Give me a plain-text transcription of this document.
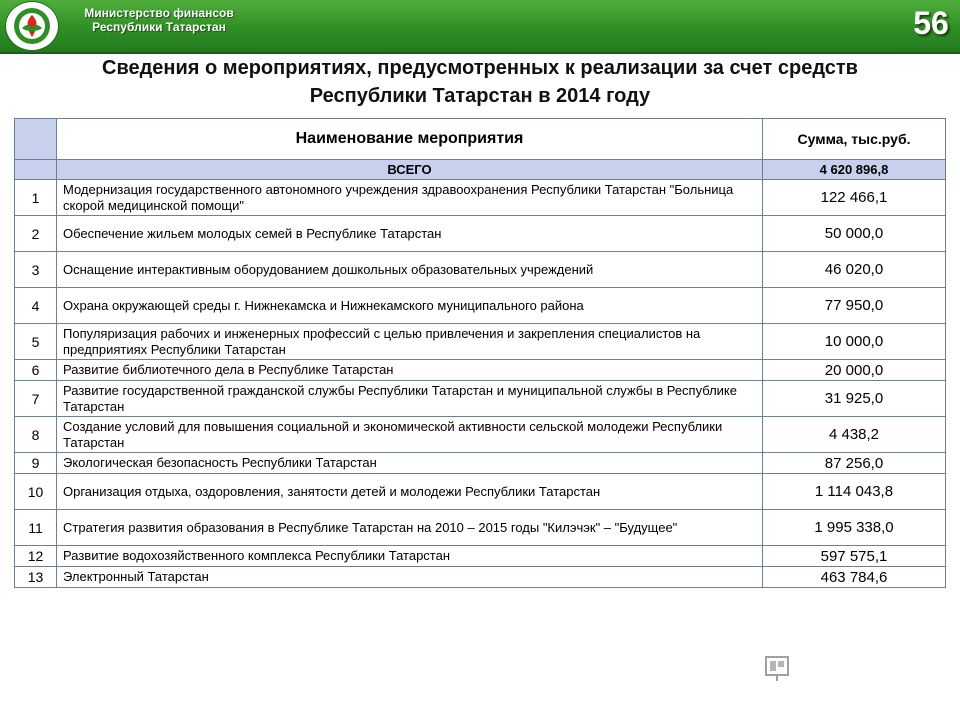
Министерство финансов
Республики Татарстан	56
Сведения о мероприятиях, предусмотренных к реализации за счет средств
Республики Татарстан в 2014 году
	Наименование мероприятия	Сумма, тыс.руб.
	ВСЕГО	4 620 896,8
1	Модернизация государственного автономного учреждения здравоохранения Республики Татарстан "Больница скорой медицинской помощи"	122 466,1
2	Обеспечение жильем молодых семей в Республике Татарстан	50 000,0
3	Оснащение интерактивным оборудованием дошкольных образовательных учреждений	46 020,0
4	Охрана окружающей среды г. Нижнекамска и Нижнекамского муниципального района	77 950,0
5	Популяризация рабочих и инженерных профессий с целью привлечения и закрепления специалистов на предприятиях Республики Татарстан	10 000,0
6	Развитие библиотечного дела в Республике Татарстан	20 000,0
7	Развитие государственной гражданской службы Республики Татарстан и муниципальной службы в Республике Татарстан	31 925,0
8	Создание условий для повышения социальной и экономической активности сельской молодежи Республики Татарстан	4 438,2
9	Экологическая безопасность Республики Татарстан	87 256,0
10	Организация отдыха, оздоровления, занятости детей и молодежи Республики Татарстан	1 114 043,8
11	Стратегия развития образования в Республике Татарстан на 2010 – 2015 годы "Килэчэк" – "Будущее"	1 995 338,0
12	Развитие водохозяйственного комплекса Республики Татарстан	597 575,1
13	Электронный Татарстан	463 784,6
